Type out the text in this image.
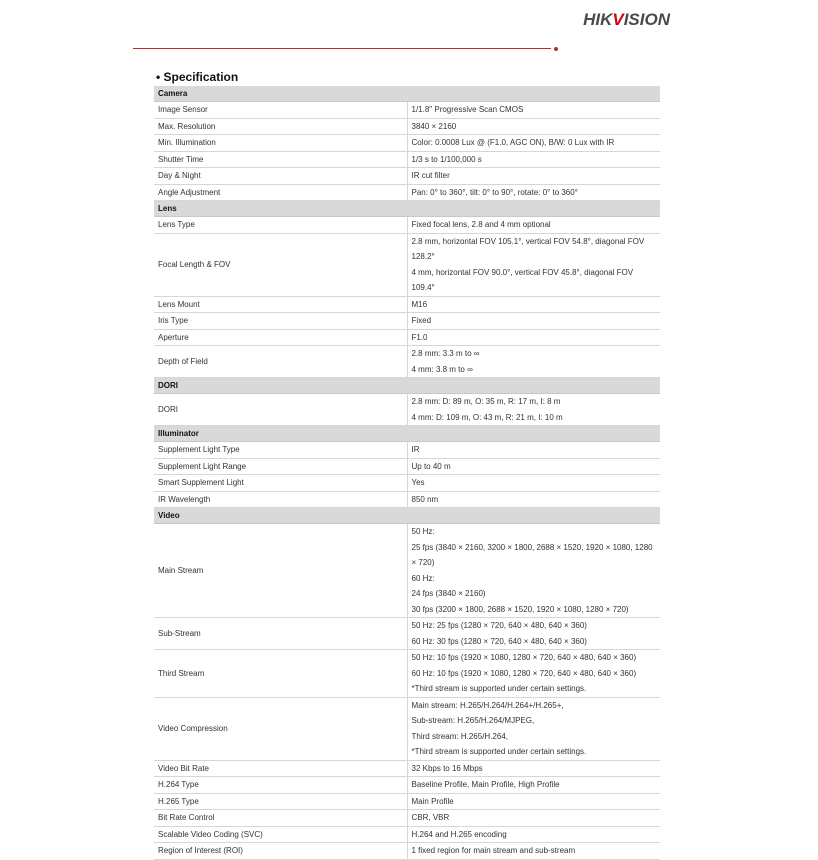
HIKVISION
• Specification
Camera	
Image Sensor	1/1.8" Progressive Scan CMOS

Max. Resolution	3840 × 2160

Min. Illumination	Color: 0.0008 Lux @ (F1.0, AGC ON), B/W: 0 Lux with IR

Shutter Time	1/3 s to 1/100,000 s

Day & Night	IR cut filter

Angle Adjustment	Pan: 0° to 360°, tilt: 0° to 90°, rotate: 0° to 360°

Lens	
Lens Type	Fixed focal lens, 2.8 and 4 mm optional

Focal Length & FOV	2.8 mm, horizontal FOV 105.1°, vertical FOV 54.8°, diagonal FOV 128.2°
4 mm, horizontal FOV 90.0°, vertical FOV 45.8°, diagonal FOV 109.4°

Lens Mount	M16

Iris Type	Fixed

Aperture	F1.0

Depth of Field	2.8 mm: 3.3 m to ∞
4 mm: 3.8 m to ∞

DORI	
DORI	2.8 mm: D: 89 m, O: 35 m, R: 17 m, I: 8 m
4 mm: D: 109 m, O: 43 m, R: 21 m, I: 10 m

Illuminator	
Supplement Light Type	IR

Supplement Light Range	Up to 40 m

Smart Supplement Light	Yes

IR Wavelength	850 nm

Video	
Main Stream	50 Hz:
25 fps (3840 × 2160, 3200 × 1800, 2688 × 1520, 1920 × 1080, 1280 × 720)
60 Hz:
24 fps (3840 × 2160)
30 fps (3200 × 1800, 2688 × 1520, 1920 × 1080, 1280 × 720)

Sub-Stream	50 Hz: 25 fps (1280 × 720, 640 × 480, 640 × 360)
60 Hz: 30 fps (1280 × 720, 640 × 480, 640 × 360)

Third Stream	50 Hz: 10 fps (1920 × 1080, 1280 × 720, 640 × 480, 640 × 360)
60 Hz: 10 fps (1920 × 1080, 1280 × 720, 640 × 480, 640 × 360)
*Third stream is supported under certain settings.

Video Compression	Main stream: H.265/H.264/H.264+/H.265+,
Sub-stream: H.265/H.264/MJPEG,
Third stream: H.265/H.264,
*Third stream is supported under certain settings.

Video Bit Rate	32 Kbps to 16 Mbps

H.264 Type	Baseline Profile, Main Profile, High Profile

H.265 Type	Main Profile

Bit Rate Control	CBR, VBR

Scalable Video Coding (SVC)	H.264 and H.265 encoding

Region of Interest (ROI)	1 fixed region for main stream and sub-stream
